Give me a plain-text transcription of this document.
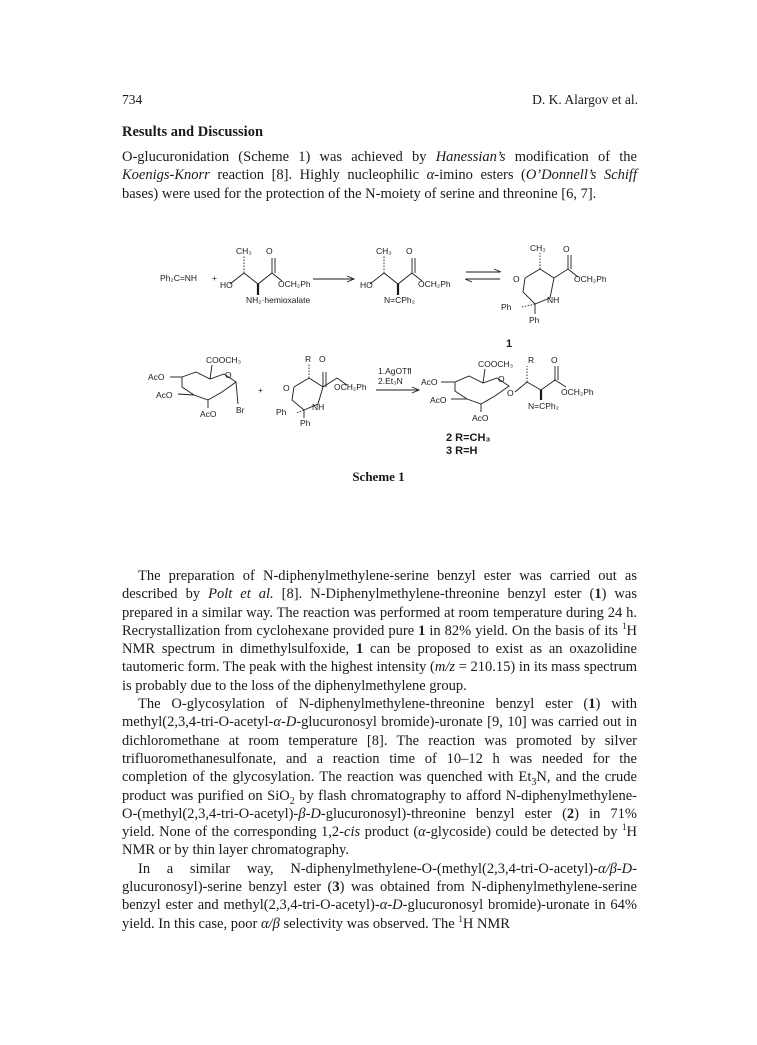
734	D. K. Alargov et al.
Results and Discussion

O-glucuronidation (Scheme 1) was achieved by Hanessian’s modification of the Koenigs-Knorr reaction [8]. Highly nucleophilic α-imino esters (O’Donnell’s Schiff bases) were used for the protection of the N-moiety of serine and threonine [6, 7].

Ph₂C=NH +
CH₃ O
HO	OCH₂Ph
NH₂·hemioxalate
CH₃ O
HO	OCH₂Ph
N=CPh₂
CH₃ O
O	OCH₂Ph
Ph
NH
Ph
1
COOCH₃
O
AcO
AcO
AcO Br
+
R O
O	OCH₂Ph
Ph	NH
Ph
1.AgOTfl
2.Et₃N
COOCH₃
O
AcO
AcO
AcO
O
R O
OCH₂Ph
N=CPh₂
2 R=CH₃
3 R=H
Scheme 1

The preparation of N-diphenylmethylene-serine benzyl ester was carried out as described by Polt et al. [8]. N-Diphenylmethylene-threonine benzyl ester (1) was prepared in a similar way. The reaction was performed at room temperature during 24 h. Recrystallization from cyclohexane provided pure 1 in 82% yield. On the basis of its $^1$H NMR spectrum in dimethylsulfoxide, 1 can be proposed to exist as an oxazolidine tautomeric form. The peak with the highest intensity (m/z = 210.15) in its mass spectrum is probably due to the loss of the diphenylmethylene group.

The O-glycosylation of N-diphenylmethylene-threonine benzyl ester (1) with methyl(2,3,4-tri-O-acetyl-α-D-glucuronosyl bromide)-uronate [9, 10] was carried out in dichloromethane at room temperature [8]. The reaction was promoted by silver trifluoromethanesulfonate, and a reaction time of 10–12 h was needed for the completion of the glycosylation. The reaction was quenched with $Et_3N$, and the crude product was purified on SiO$_2$ by flash chromatography to afford N-diphenylmethylene-O-(methyl(2,3,4-tri-O-acetyl)-β-D-glucuronosyl)-threonine benzyl ester (2) in 71% yield. None of the corresponding 1,2-cis product (α-glycoside) could be detected by $^1$H NMR or by thin layer chromatography.

In a similar way, N-diphenylmethylene-O-(methyl(2,3,4-tri-O-acetyl)-α/β-D-glucuronosyl)-serine benzyl ester (3) was obtained from N-diphenylmethylene-serine benzyl ester and methyl(2,3,4-tri-O-acetyl)-α-D-glucuronosyl bromide)-uronate in 64% yield. In this case, poor α/β selectivity was observed. The $^1$H NMR
